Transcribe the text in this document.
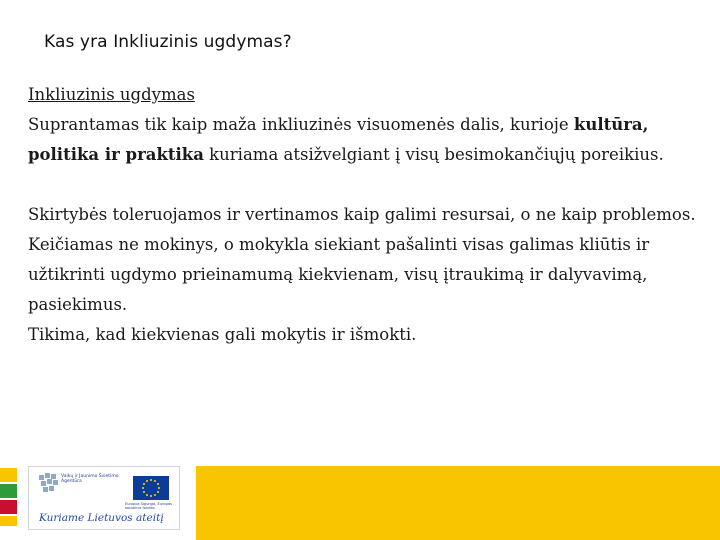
Kas yra Inkliuzinis ugdymas?

Inkliuzinis ugdymas

Suprantamas tik kaip maža inkliuzinės visuomenės dalis, kurioje kultūra, politika ir praktika kuriama atsižvelgiant į visų besimokančiųjų poreikius.

Skirtybės toleruojamos ir vertinamos kaip galimi resursai, o ne kaip problemos.

Keičiamas ne mokinys, o mokykla siekiant pašalinti visas galimas kliūtis ir užtikrinti ugdymo prieinamumą kiekvienam, visų įtraukimą ir dalyvavimą, pasiekimus.

Tikima, kad kiekvienas gali mokytis ir išmokti.

Vaikų ir Jaunimo Švietimo Agentūra
Europos Sąjunga, Europos socialinis fondas
Kuriame Lietuvos ateitį
